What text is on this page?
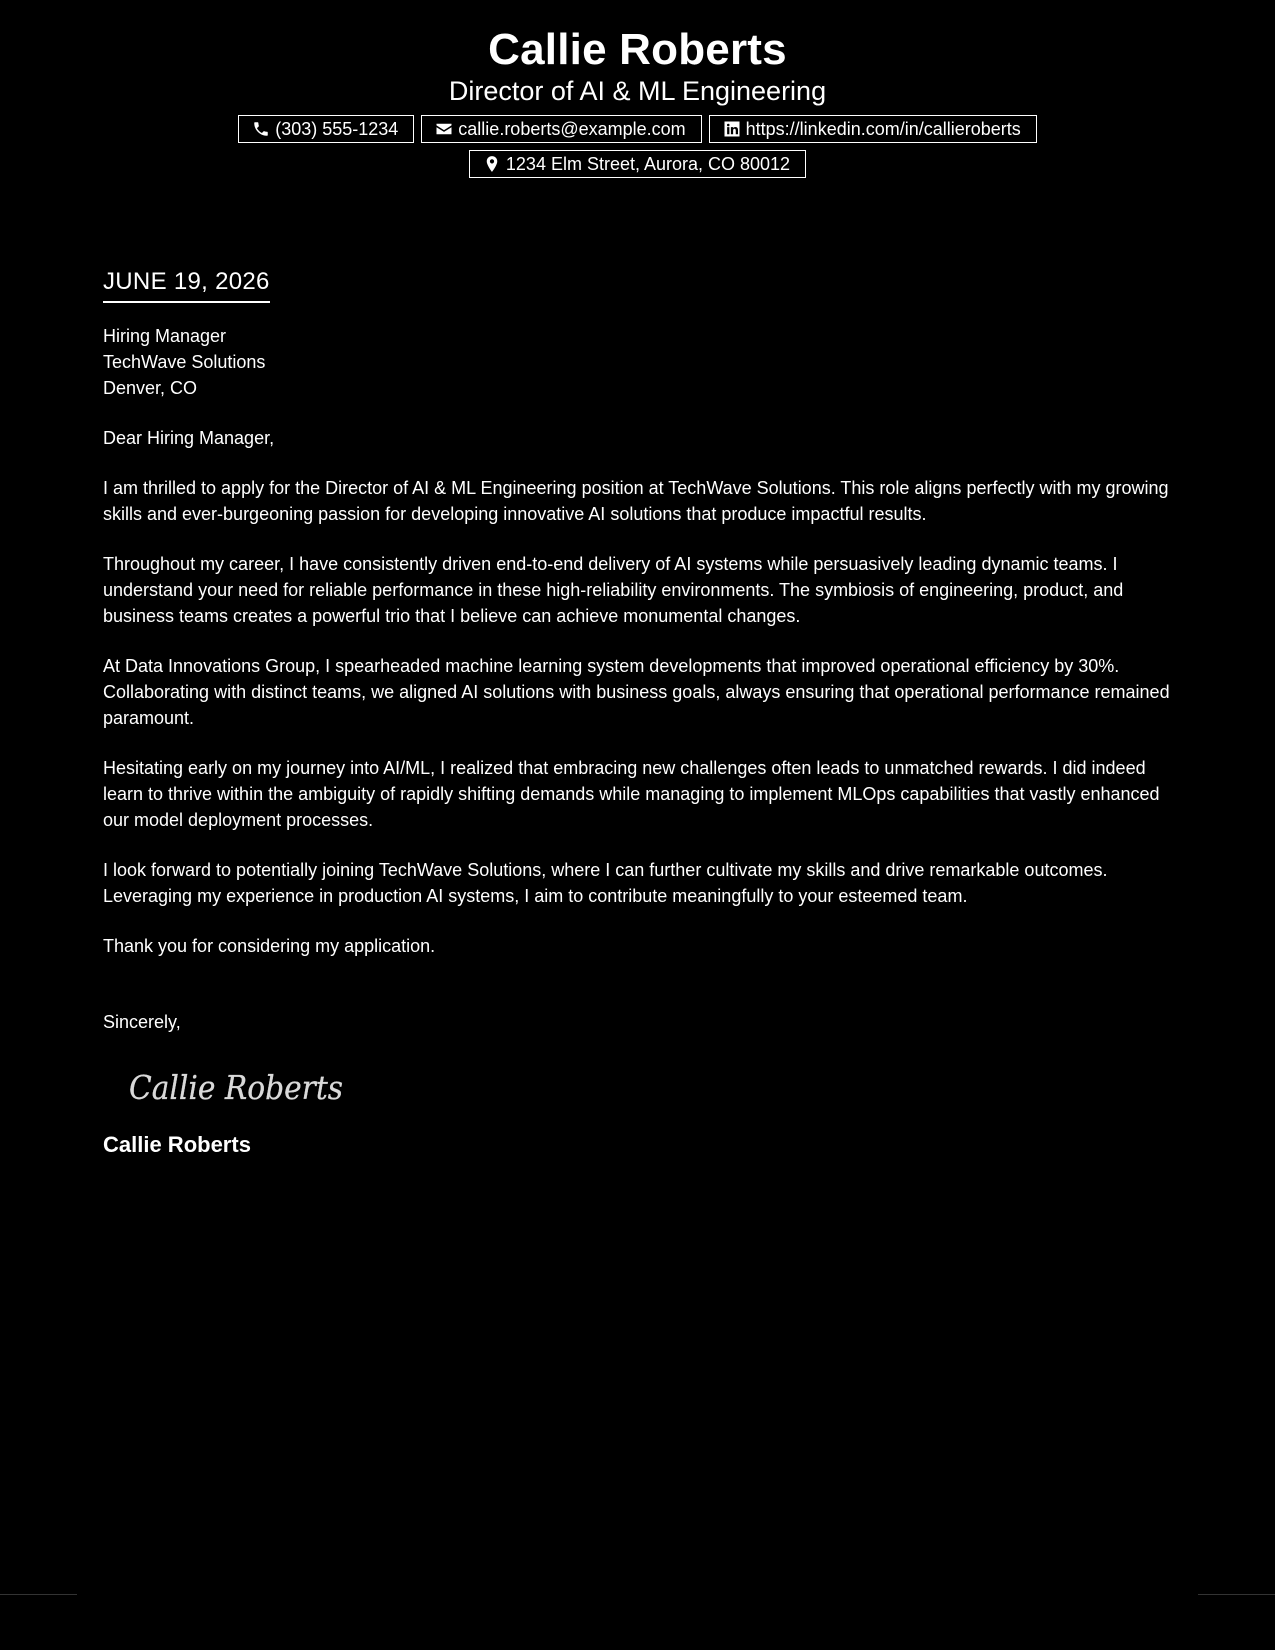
Callie Roberts
Director of AI & ML Engineering
(303) 555-1234	callie.roberts@example.com	https://linkedin.com/in/callieroberts
1234 Elm Street, Aurora, CO 80012
JUNE 19, 2026
Hiring Manager
TechWave Solutions
Denver, CO
Dear Hiring Manager,

I am thrilled to apply for the Director of AI & ML Engineering position at TechWave Solutions. This role aligns perfectly with my growing skills and ever-burgeoning passion for developing innovative AI solutions that produce impactful results.

Throughout my career, I have consistently driven end-to-end delivery of AI systems while persuasively leading dynamic teams. I understand your need for reliable performance in these high-reliability environments. The symbiosis of engineering, product, and business teams creates a powerful trio that I believe can achieve monumental changes.

At Data Innovations Group, I spearheaded machine learning system developments that improved operational efficiency by 30%. Collaborating with distinct teams, we aligned AI solutions with business goals, always ensuring that operational performance remained paramount.

Hesitating early on my journey into AI/ML, I realized that embracing new challenges often leads to unmatched rewards. I did indeed learn to thrive within the ambiguity of rapidly shifting demands while managing to implement MLOps capabilities that vastly enhanced our model deployment processes.

I look forward to potentially joining TechWave Solutions, where I can further cultivate my skills and drive remarkable outcomes. Leveraging my experience in production AI systems, I aim to contribute meaningfully to your esteemed team.

Thank you for considering my application.

Sincerely,
Callie Roberts
Callie Roberts
